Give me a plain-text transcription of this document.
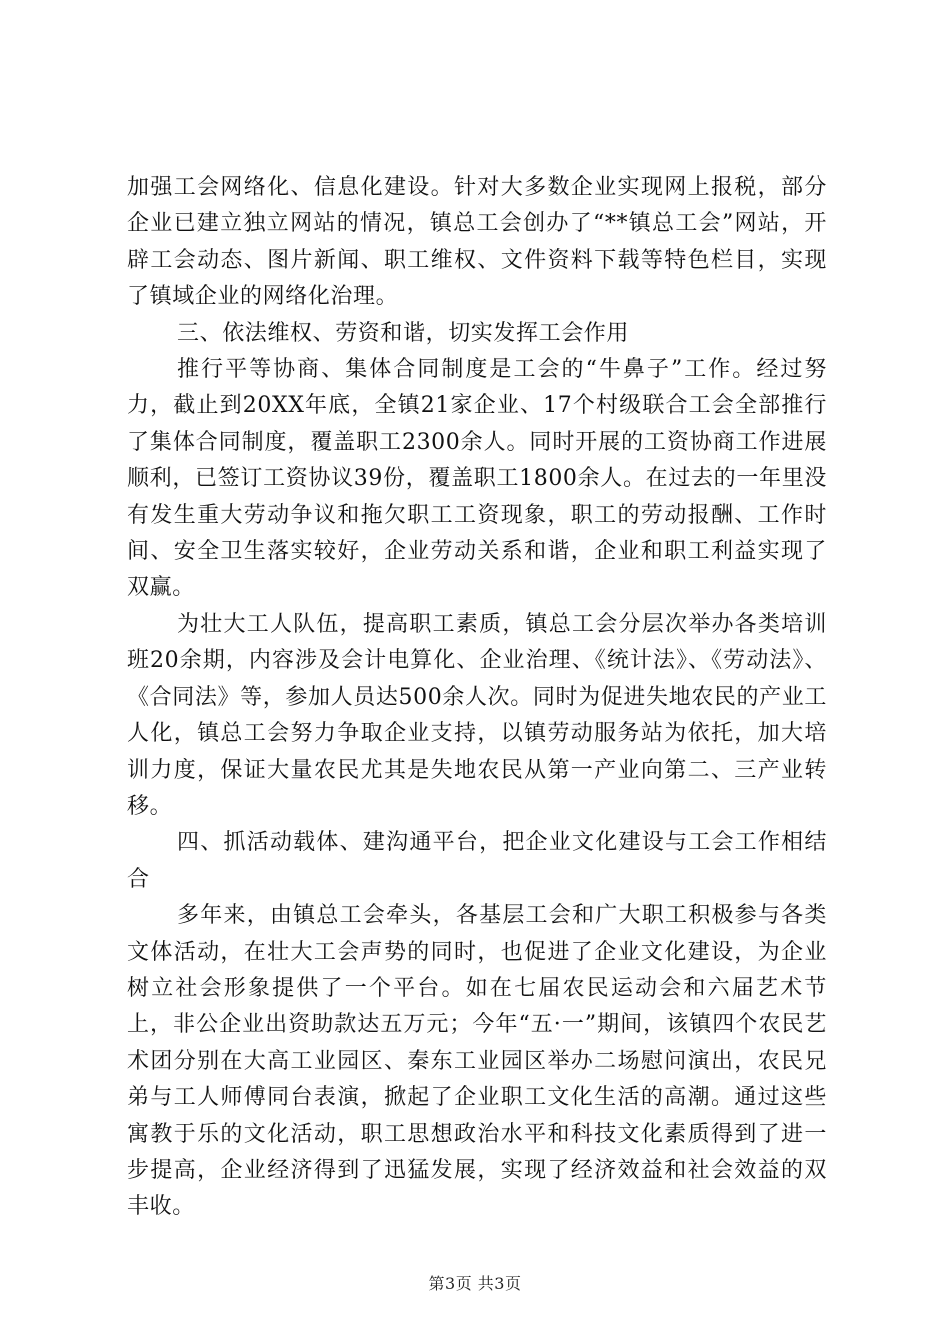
加强工会网络化、信息化建设。针对大多数企业实现网上报税，部分企业已建立独立网站的情况，镇总工会创办了“**镇总工会”网站，开辟工会动态、图片新闻、职工维权、文件资料下载等特色栏目，实现了镇域企业的网络化治理。

三、依法维权、劳资和谐，切实发挥工会作用

推行平等协商、集体合同制度是工会的“牛鼻子”工作。经过努力，截止到20XX年底，全镇21家企业、17个村级联合工会全部推行了集体合同制度，覆盖职工2300余人。同时开展的工资协商工作进展顺利，已签订工资协议39份，覆盖职工1800余人。在过去的一年里没有发生重大劳动争议和拖欠职工工资现象，职工的劳动报酬、工作时间、安全卫生落实较好，企业劳动关系和谐，企业和职工利益实现了双赢。

为壮大工人队伍，提高职工素质，镇总工会分层次举办各类培训班20余期，内容涉及会计电算化、企业治理、《统计法》、《劳动法》、《合同法》等，参加人员达500余人次。同时为促进失地农民的产业工人化，镇总工会努力争取企业支持，以镇劳动服务站为依托，加大培训力度，保证大量农民尤其是失地农民从第一产业向第二、三产业转移。

四、抓活动载体、建沟通平台，把企业文化建设与工会工作相结合

多年来，由镇总工会牵头，各基层工会和广大职工积极参与各类文体活动，在壮大工会声势的同时，也促进了企业文化建设，为企业树立社会形象提供了一个平台。如在七届农民运动会和六届艺术节上，非公企业出资助款达五万元；今年“五·一”期间，该镇四个农民艺术团分别在大高工业园区、秦东工业园区举办二场慰问演出，农民兄弟与工人师傅同台表演，掀起了企业职工文化生活的高潮。通过这些寓教于乐的文化活动，职工思想政治水平和科技文化素质得到了进一步提高，企业经济得到了迅猛发展，实现了经济效益和社会效益的双丰收。

第3页 共3页
